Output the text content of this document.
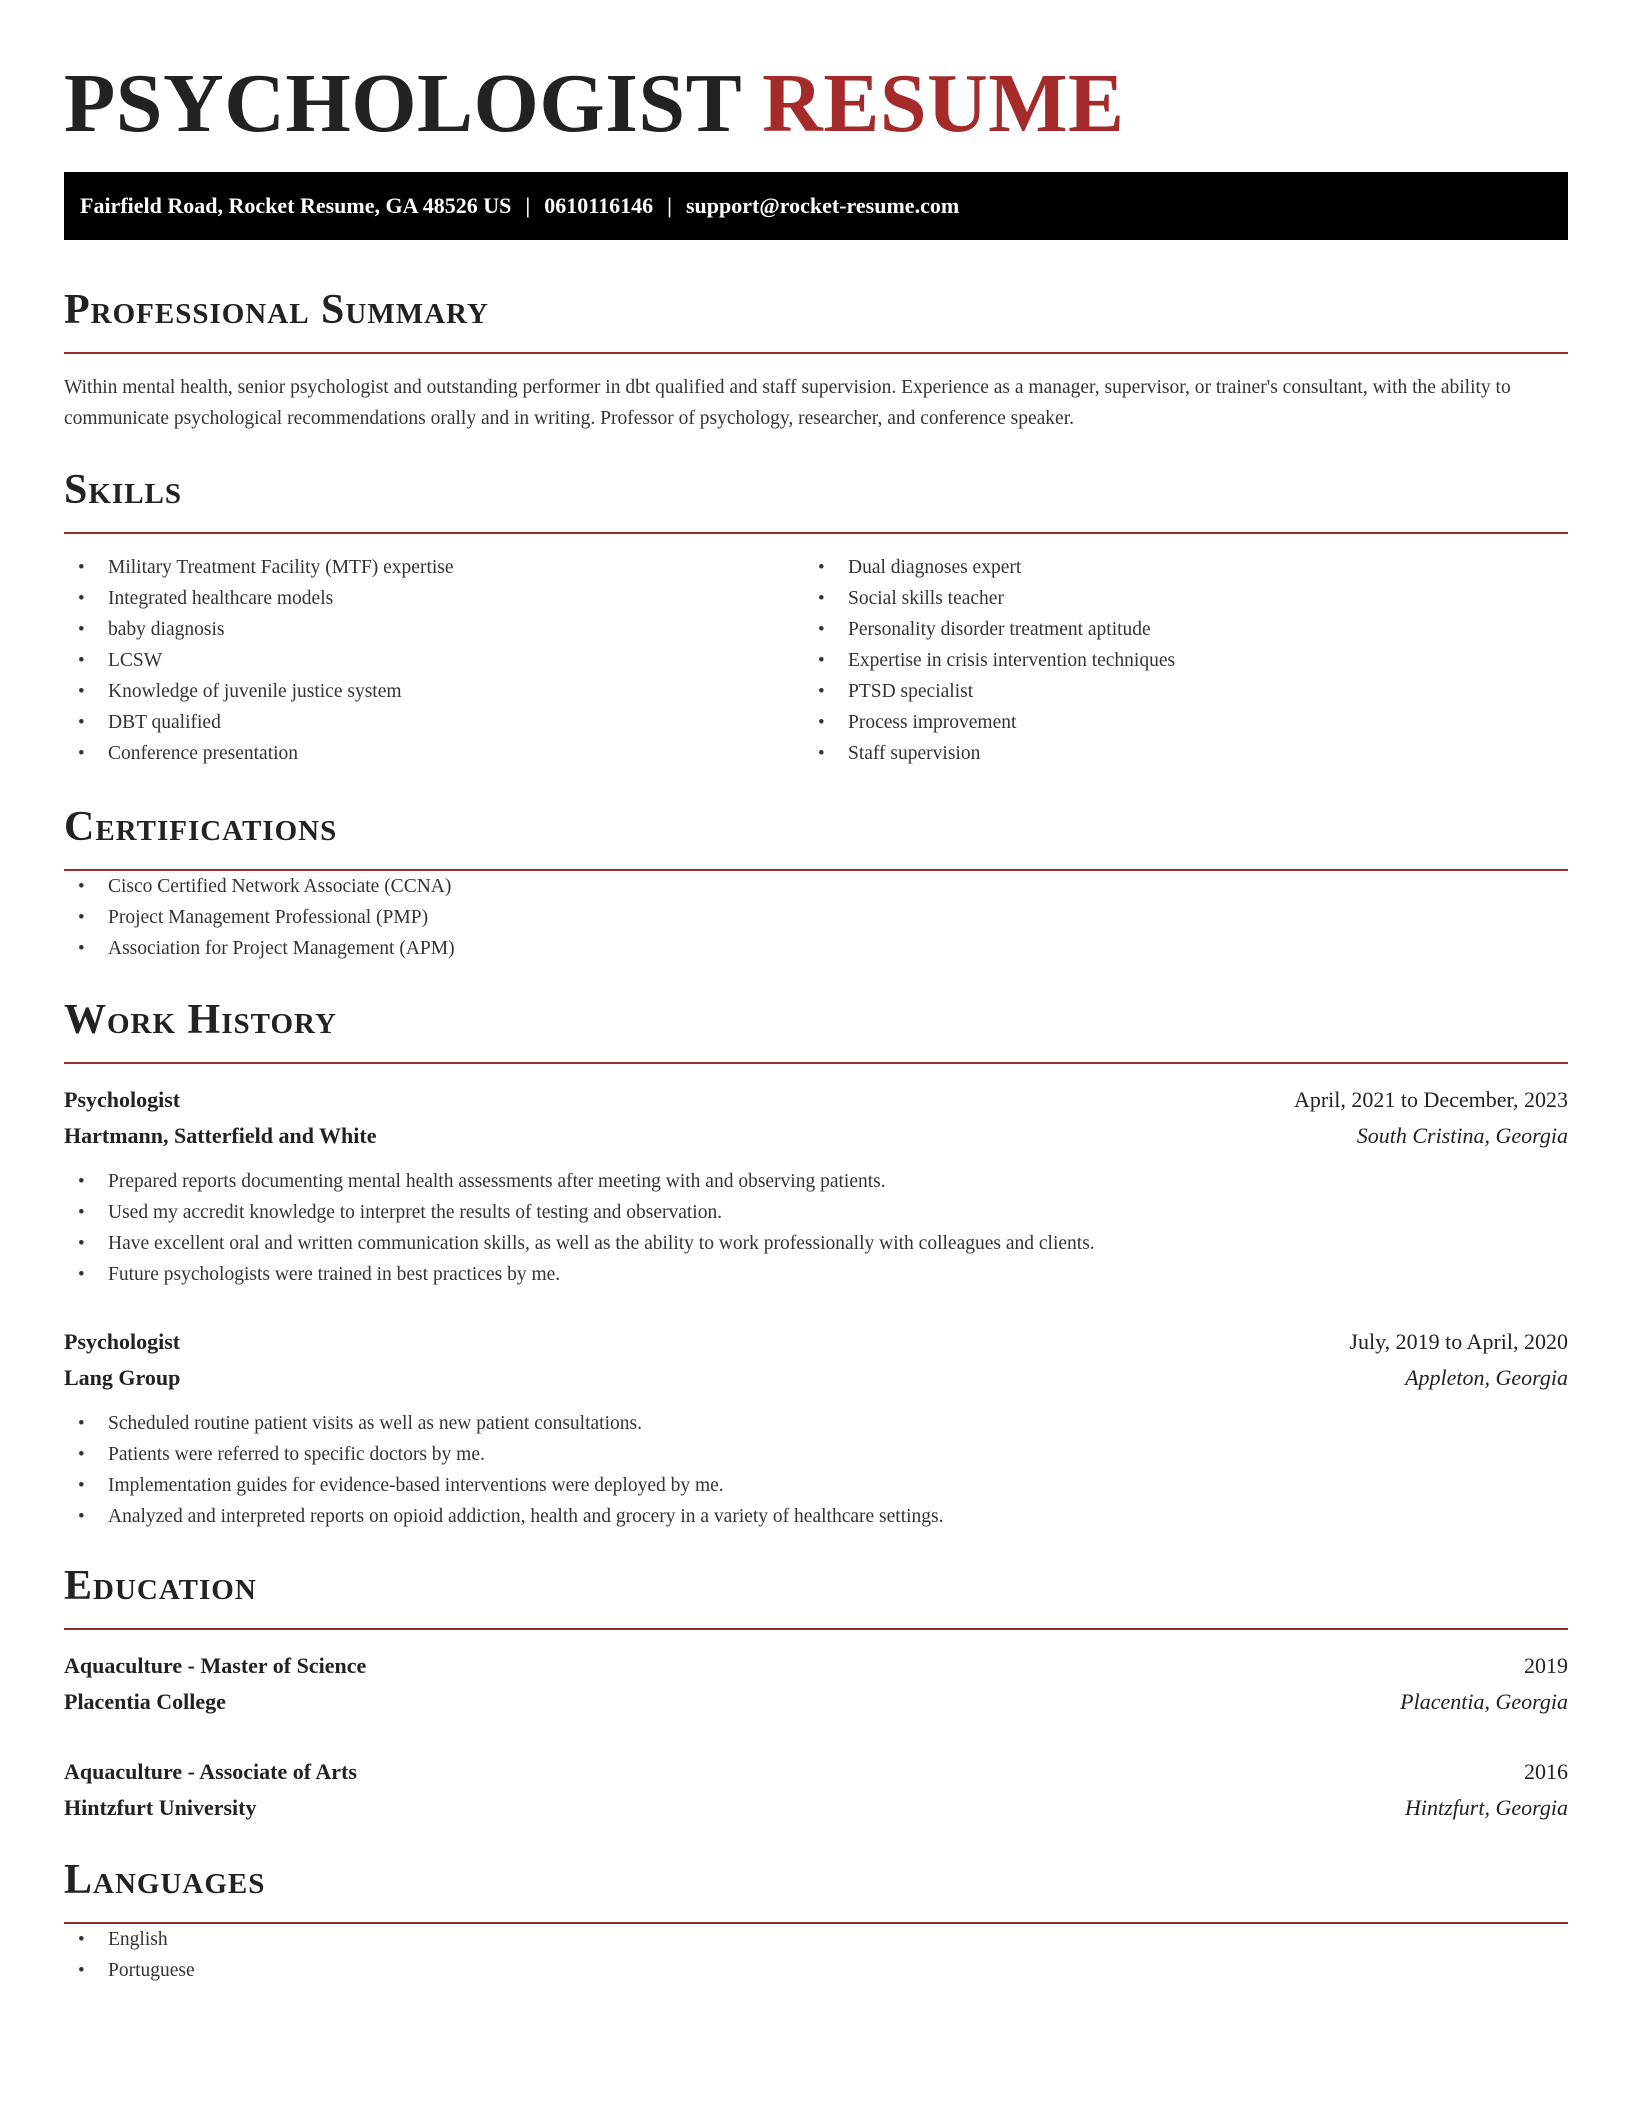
PSYCHOLOGIST RESUME
Fairfield Road, Rocket Resume, GA 48526 US | 0610116146 | support@rocket-resume.com
Professional Summary

Within mental health, senior psychologist and outstanding performer in dbt qualified and staff supervision. Experience as a manager, supervisor, or trainer's consultant, with the ability to communicate psychological recommendations orally and in writing. Professor of psychology, researcher, and conference speaker.

Skills
• Military Treatment Facility (MTF) expertise
• Integrated healthcare models
• baby diagnosis
• LCSW
• Knowledge of juvenile justice system
• DBT qualified
• Conference presentation
• Dual diagnoses expert
• Social skills teacher
• Personality disorder treatment aptitude
• Expertise in crisis intervention techniques
• PTSD specialist
• Process improvement
• Staff supervision
Certifications
• Cisco Certified Network Associate (CCNA)
• Project Management Professional (PMP)
• Association for Project Management (APM)
Work History
Psychologist	April, 2021 to December, 2023
Hartmann, Satterfield and White	South Cristina, Georgia
• Prepared reports documenting mental health assessments after meeting with and observing patients.
• Used my accredit knowledge to interpret the results of testing and observation.
• Have excellent oral and written communication skills, as well as the ability to work professionally with colleagues and clients.
• Future psychologists were trained in best practices by me.
Psychologist	July, 2019 to April, 2020
Lang Group	Appleton, Georgia
• Scheduled routine patient visits as well as new patient consultations.
• Patients were referred to specific doctors by me.
• Implementation guides for evidence-based interventions were deployed by me.
• Analyzed and interpreted reports on opioid addiction, health and grocery in a variety of healthcare settings.
Education
Aquaculture - Master of Science	2019
Placentia College	Placentia, Georgia
Aquaculture - Associate of Arts	2016
Hintzfurt University	Hintzfurt, Georgia
Languages
• English
• Portuguese
